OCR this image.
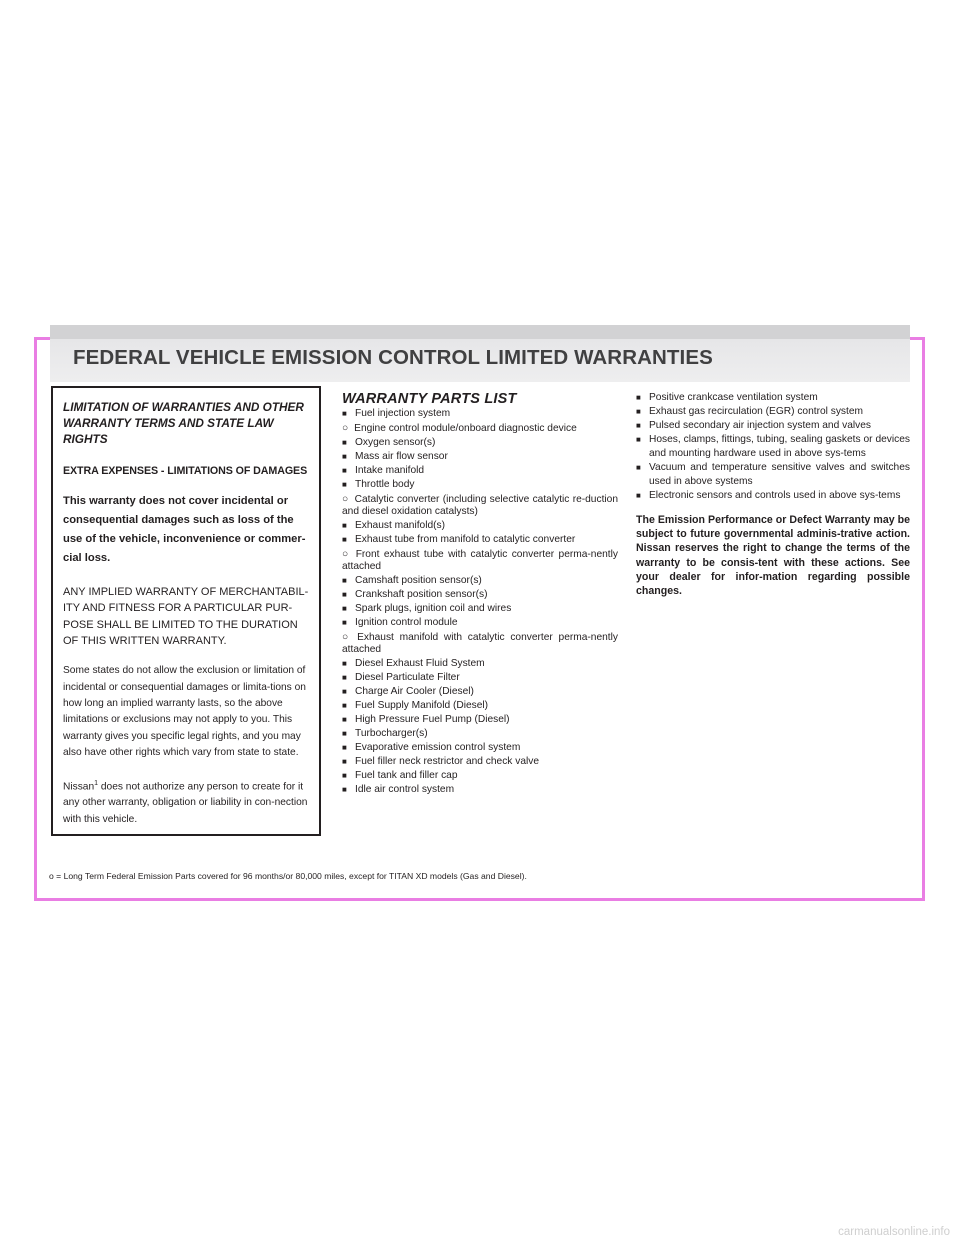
FEDERAL VEHICLE EMISSION CONTROL LIMITED WARRANTIES
LIMITATION OF WARRANTIES AND OTHER WARRANTY TERMS AND STATE LAW RIGHTS
EXTRA EXPENSES - LIMITATIONS OF DAMAGES
This warranty does not cover incidental or consequential damages such as loss of the use of the vehicle, inconvenience or commer-cial loss.
ANY IMPLIED WARRANTY OF MERCHANTABIL-ITY AND FITNESS FOR A PARTICULAR PUR-POSE SHALL BE LIMITED TO THE DURATION OF THIS WRITTEN WARRANTY.
Some states do not allow the exclusion or limitation of incidental or consequential damages or limita-tions on how long an implied warranty lasts, so the above limitations or exclusions may not apply to you. This warranty gives you specific legal rights, and you may also have other rights which vary from state to state.
Nissan$^1$ does not authorize any person to create for it any other warranty, obligation or liability in con-nection with this vehicle.
WARRANTY PARTS LIST
■ Fuel injection system
○ Engine control module/onboard diagnostic device
■ Oxygen sensor(s)
■ Mass air flow sensor
■ Intake manifold
■ Throttle body
○ Catalytic converter (including selective catalytic re-duction and diesel oxidation catalysts)
■ Exhaust manifold(s)
■ Exhaust tube from manifold to catalytic converter
○ Front exhaust tube with catalytic converter perma-nently attached
■ Camshaft position sensor(s)
■ Crankshaft position sensor(s)
■ Spark plugs, ignition coil and wires
■ Ignition control module
○ Exhaust manifold with catalytic converter perma-nently attached
■ Diesel Exhaust Fluid System
■ Diesel Particulate Filter
■ Charge Air Cooler (Diesel)
■ Fuel Supply Manifold (Diesel)
■ High Pressure Fuel Pump (Diesel)
■ Turbocharger(s)
■ Evaporative emission control system
■ Fuel filler neck restrictor and check valve
■ Fuel tank and filler cap
■ Idle air control system
■ Positive crankcase ventilation system
■ Exhaust gas recirculation (EGR) control system
■ Pulsed secondary air injection system and valves
■ Hoses, clamps, fittings, tubing, sealing gaskets or devices and mounting hardware used in above sys-tems
■ Vacuum and temperature sensitive valves and switches used in above systems
■ Electronic sensors and controls used in above sys-tems
The Emission Performance or Defect Warranty may be subject to future governmental adminis-trative action. Nissan reserves the right to change the terms of the warranty to be consis-tent with these actions. See your dealer for infor-mation regarding possible changes.
o = Long Term Federal Emission Parts covered for 96 months/or 80,000 miles, except for TITAN XD models (Gas and Diesel).
carmanualsonline.info
